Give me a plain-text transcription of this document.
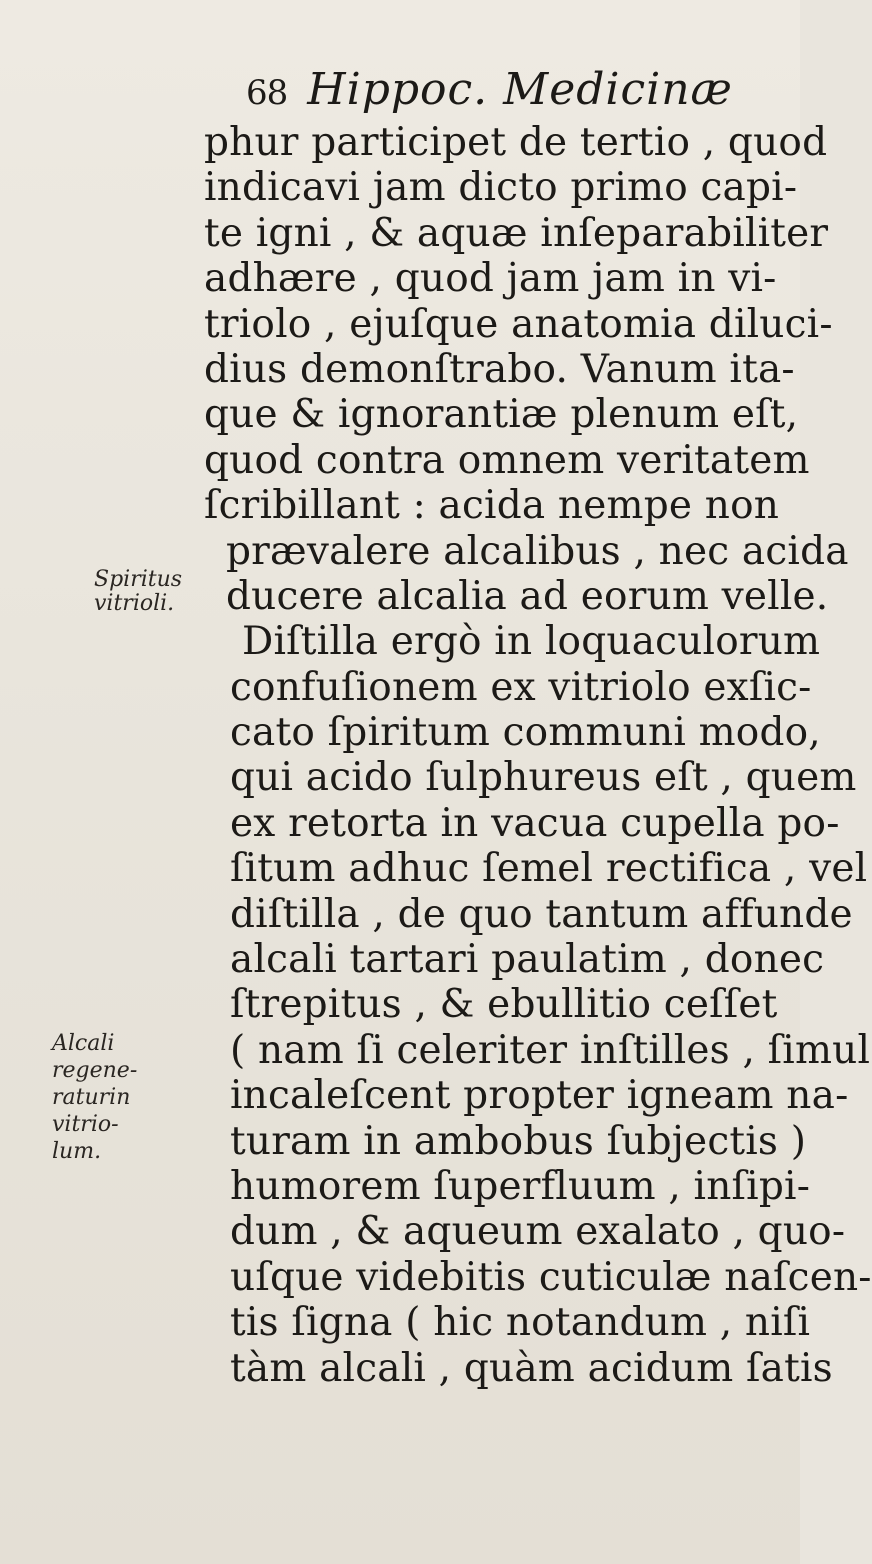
68 Hippoc. Medicinæ
phur participet de tertio , quod
indicavi jam dicto primo capi-
te igni , & aquæ inſeparabiliter
adhære , quod jam jam in vi-
triolo , ejuſque anatomia diluci-
dius demonſtrabo. Vanum ita-
que & ignorantiæ plenum eſt,
quod contra omnem veritatem
ſcribillant : acida nempe non
prævalere alcalibus , nec acida
ducere alcalia ad eorum velle.
Diſtilla ergò in loquaculorum
confuſionem ex vitriolo exſic-
cato ſpiritum communi modo,
qui acido ſulphureus eſt , quem
ex retorta in vacua cupella po-
ſitum adhuc ſemel rectifica , vel
diſtilla , de quo tantum affunde
alcali tartari paulatim , donec
ſtrepitus , & ebullitio ceſſet
( nam ſi celeriter inſtilles , ſimul
incaleſcent propter igneam na-
turam in ambobus ſubjectis )
humorem ſuperfluum , inſipi-
dum , & aqueum exalato , quo-
uſque videbitis cuticulæ naſcen-
tis ſigna ( hic notandum , niſi
tàm alcali , quàm acidum ſatis
Spiritus
vitrioli.
Alcali
regene-
raturin
vitrio-
lum.
